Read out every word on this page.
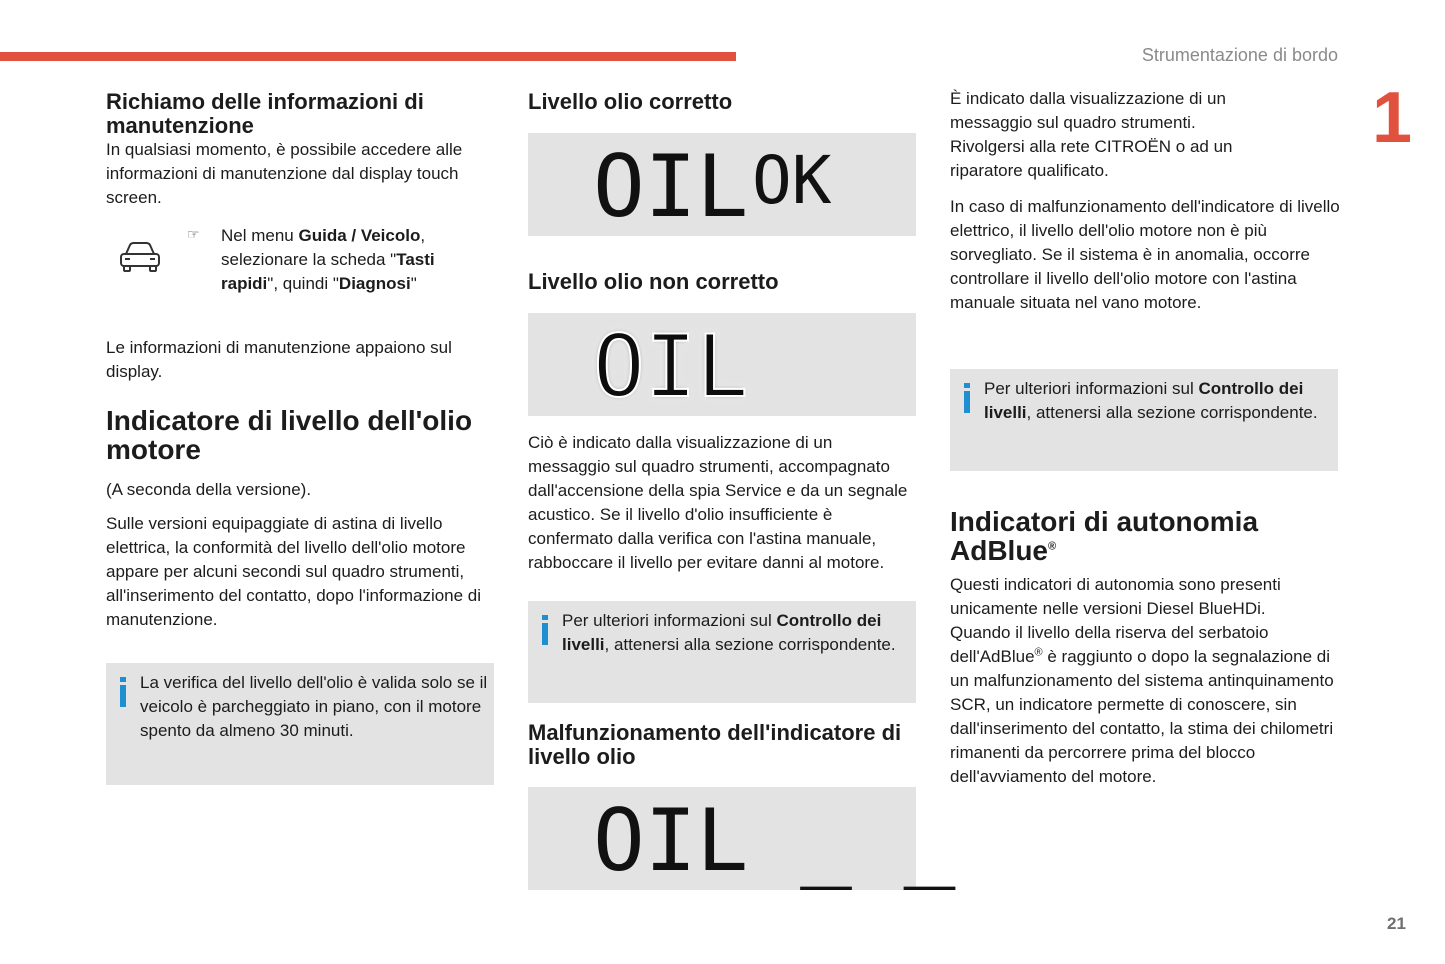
Strumentazione di bordo
1
21
Richiamo delle informazioni di manutenzione

In qualsiasi momento, è possibile accedere alle informazioni di manutenzione dal display touch screen.

☞ Nel menu Guida / Veicolo, selezionare la scheda "Tasti rapidi", quindi "Diagnosi"

Le informazioni di manutenzione appaiono sul display.

Indicatore di livello dell'olio motore

(A seconda della versione).

Sulle versioni equipaggiate di astina di livello elettrica, la conformità del livello dell'olio motore appare per alcuni secondi sul quadro strumenti, all'inserimento del contatto, dopo l'informazione di manutenzione.

La verifica del livello dell'olio è valida solo se il veicolo è parcheggiato in piano, con il motore spento da almeno 30 minuti.
Livello olio corretto
OIL OK
Livello olio non corretto
OIL

Ciò è indicato dalla visualizzazione di un messaggio sul quadro strumenti, accompagnato dall'accensione della spia Service e da un segnale acustico. Se il livello d'olio insufficiente è confermato dalla verifica con l'astina manuale, rabboccare il livello per evitare danni al motore.

Per ulteriori informazioni sul Controllo dei livelli, attenersi alla sezione corrispondente.
Malfunzionamento dell'indicatore di livello olio
OIL _ _

È indicato dalla visualizzazione di un messaggio sul quadro strumenti. Rivolgersi alla rete CITROËN o ad un riparatore qualificato.

In caso di malfunzionamento dell'indicatore di livello elettrico, il livello dell'olio motore non è più sorvegliato. Se il sistema è in anomalia, occorre controllare il livello dell'olio motore con l'astina manuale situata nel vano motore.

Per ulteriori informazioni sul Controllo dei livelli, attenersi alla sezione corrispondente.
Indicatori di autonomia AdBlue®

Questi indicatori di autonomia sono presenti unicamente nelle versioni Diesel BlueHDi.

Quando il livello della riserva del serbatoio dell'AdBlue® è raggiunto o dopo la segnalazione di un malfunzionamento del sistema antinquinamento SCR, un indicatore permette di conoscere, sin dall'inserimento del contatto, la stima dei chilometri rimanenti da percorrere prima del blocco dell'avviamento del motore.
